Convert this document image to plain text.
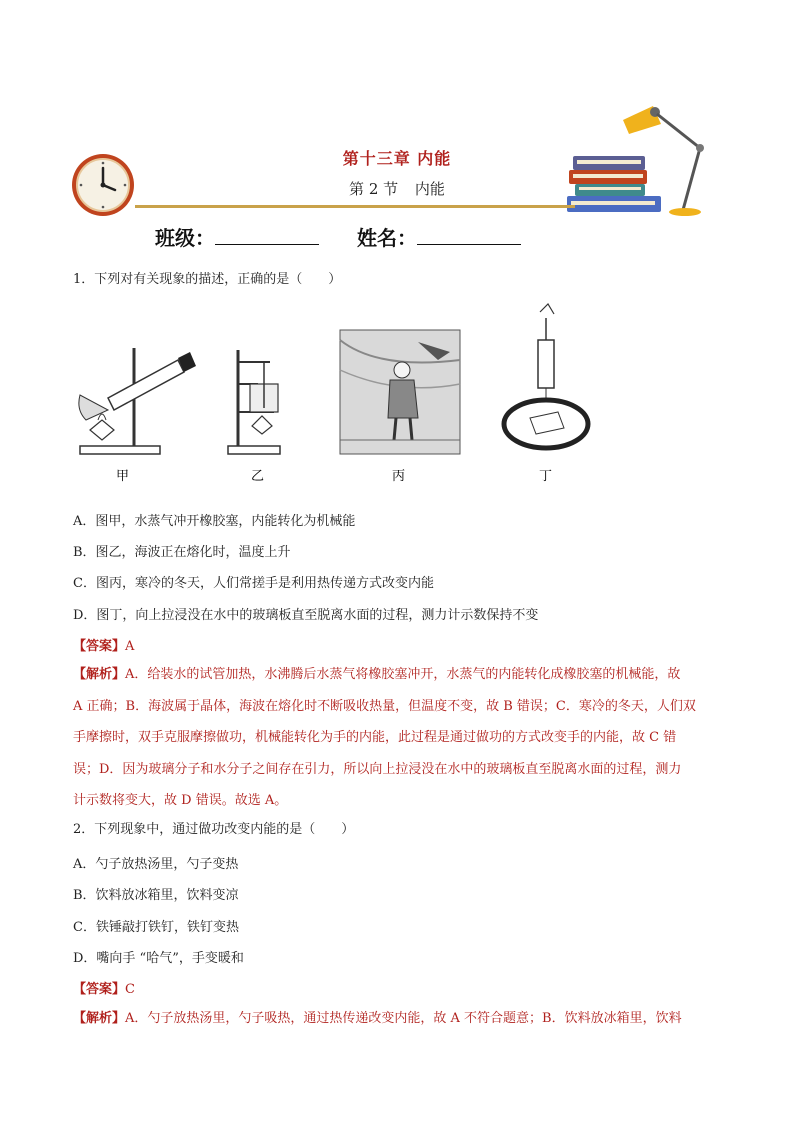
第十三章 内能
第 2 节 内能
班级：	姓名：
1．下列对有关现象的描述，正确的是（　　）
甲	乙	丙	丁
A．图甲，水蒸气冲开橡胶塞，内能转化为机械能
B．图乙，海波正在熔化时，温度上升
C．图丙，寒冷的冬天，人们常搓手是利用热传递方式改变内能
D．图丁，向上拉浸没在水中的玻璃板直至脱离水面的过程，测力计示数保持不变
【答案】A
【解析】A．给装水的试管加热，水沸腾后水蒸气将橡胶塞冲开，水蒸气的内能转化成橡胶塞的机械能，故
A 正确；B．海波属于晶体，海波在熔化时不断吸收热量，但温度不变，故 B 错误；C．寒冷的冬天，人们双
手摩擦时，双手克服摩擦做功，机械能转化为手的内能，此过程是通过做功的方式改变手的内能，故 C 错
误；D．因为玻璃分子和水分子之间存在引力，所以向上拉浸没在水中的玻璃板直至脱离水面的过程，测力
计示数将变大，故 D 错误。故选 A。
2．下列现象中，通过做功改变内能的是（　　）
A．勺子放热汤里，勺子变热
B．饮料放冰箱里，饮料变凉
C．铁锤敲打铁钉，铁钉变热
D．嘴向手 “哈气”，手变暖和
【答案】C
【解析】A．勺子放热汤里，勺子吸热，通过热传递改变内能，故 A 不符合题意；B．饮料放冰箱里，饮料
